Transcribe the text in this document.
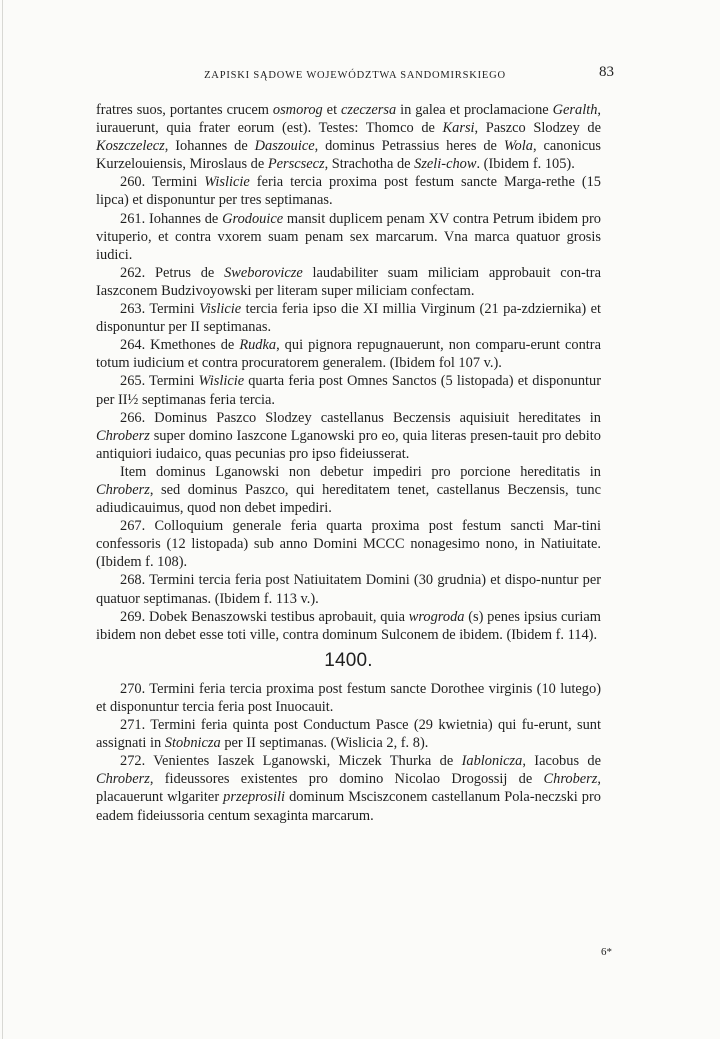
ZAPISKI SĄDOWE WOJEWÓDZTWA SANDOMIRSKIEGO	83

fratres suos, portantes crucem osmorog et czeczersa in galea et proclamacione Geralth, iurauerunt, quia frater eorum (est). Testes: Thomco de Karsi, Paszco Slodzey de Koszczelecz, Iohannes de Daszouice, dominus Petrassius heres de Wola, canonicus Kurzelouiensis, Miroslaus de Perscsecz, Strachotha de Szeli-chow. (Ibidem f. 105).

260. Termini Wislicie feria tercia proxima post festum sancte Marga-rethe (15 lipca) et disponuntur per tres septimanas.

261. Iohannes de Grodouice mansit duplicem penam XV contra Petrum ibidem pro vituperio, et contra vxorem suam penam sex marcarum. Vna marca quatuor grosis iudici.

262. Petrus de Sweborovicze laudabiliter suam miliciam approbauit con-tra Iaszconem Budzivoyowski per literam super miliciam confectam.

263. Termini Vislicie tercia feria ipso die XI millia Virginum (21 pa-zdziernika) et disponuntur per II septimanas.

264. Kmethones de Rudka, qui pignora repugnauerunt, non comparu-erunt contra totum iudicium et contra procuratorem generalem. (Ibidem fol 107 v.).

265. Termini Wislicie quarta feria post Omnes Sanctos (5 listopada) et disponuntur per II½ septimanas feria tercia.

266. Dominus Paszco Slodzey castellanus Beczensis aquisiuit hereditates in Chroberz super domino Iaszcone Lganowski pro eo, quia literas presen-tauit pro debito antiquiori iudaico, quas pecunias pro ipso fideiusserat.

Item dominus Lganowski non debetur impediri pro porcione hereditatis in Chroberz, sed dominus Paszco, qui hereditatem tenet, castellanus Beczensis, tunc adiudicauimus, quod non debet impediri.

267. Colloquium generale feria quarta proxima post festum sancti Mar-tini confessoris (12 listopada) sub anno Domini MCCC nonagesimo nono, in Natiuitate. (Ibidem f. 108).

268. Termini tercia feria post Natiuitatem Domini (30 grudnia) et dispo-nuntur per quatuor septimanas. (Ibidem f. 113 v.).

269. Dobek Benaszowski testibus aprobauit, quia wrogroda (s) penes ipsius curiam ibidem non debet esse toti ville, contra dominum Sulconem de ibidem. (Ibidem f. 114).

1400.

270. Termini feria tercia proxima post festum sancte Dorothee virginis (10 lutego) et disponuntur tercia feria post Inuocauit.

271. Termini feria quinta post Conductum Pasce (29 kwietnia) qui fu-erunt, sunt assignati in Stobnicza per II septimanas. (Wislicia 2, f. 8).

272. Venientes Iaszek Lganowski, Miczek Thurka de Iablonicza, Iacobus de Chroberz, fideussores existentes pro domino Nicolao Drogossij de Chroberz, placauerunt wlgariter przeprosili dominum Msciszconem castellanum Pola-neczski pro eadem fideiussoria centum sexaginta marcarum.

6*
